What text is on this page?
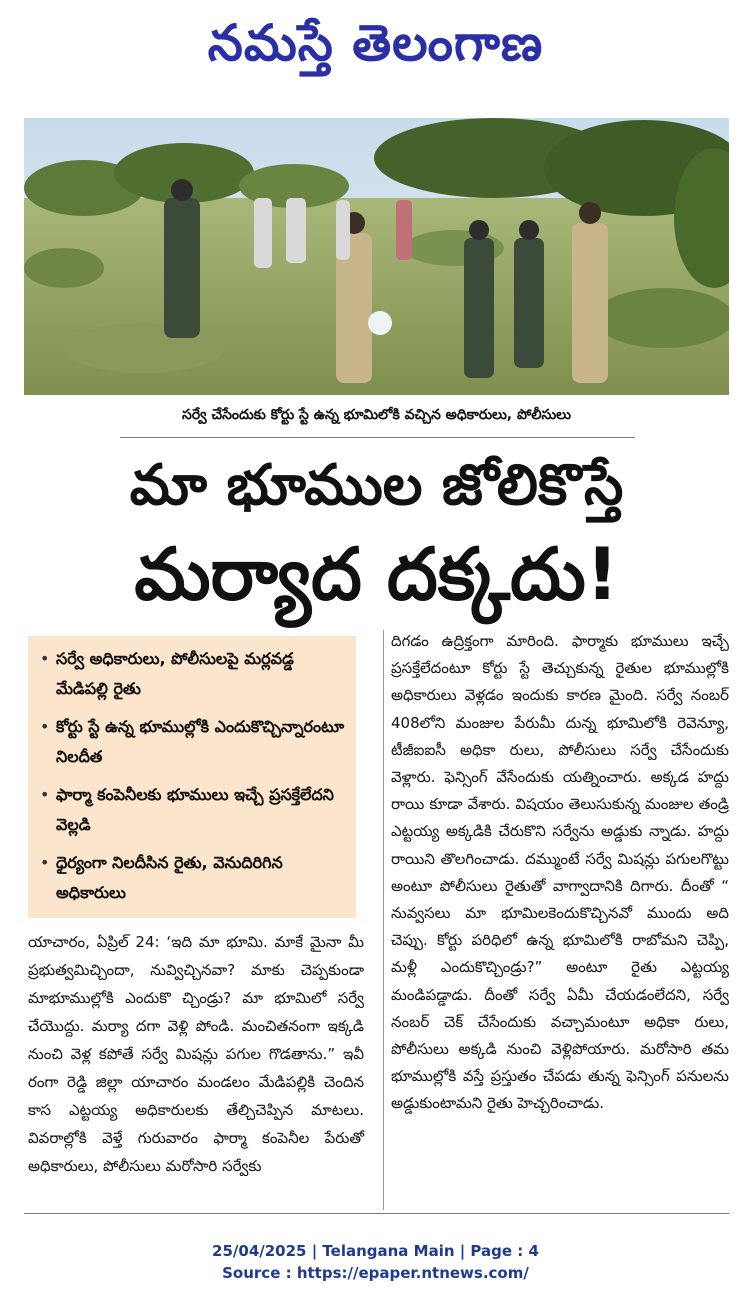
నమస్తే తెలంగాణ
సర్వే చేసేందుకు కోర్టు స్టే ఉన్న భూమిలోకి వచ్చిన అధికారులు, పోలీసులు
మా భూముల జోలికొస్తే
మర్యాద దక్కదు!
• సర్వే అధికారులు, పోలీసులపై మర్లవడ్డ మేడిపల్లి రైతు
• కోర్టు స్టే ఉన్న భూముల్లోకి ఎందుకొచ్చిన్నారంటూ నిలదీత
• ఫార్మా కంపెనీలకు భూములు ఇచ్చే ప్రసక్తేలేదని వెల్లడి
• ధైర్యంగా నిలదీసిన రైతు, వెనుదిరిగిన అధికారులు
యాచారం, ఏప్రిల్ 24: ‘ఇది మా భూమి. మాకే మైనా మీ ప్రభుత్వమిచ్చిందా, నువ్విచ్చినవా? మాకు చెప్పకుండా మాభూముల్లోకి ఎందుకొ చ్చిండ్రు? మా భూమిలో సర్వే చేయొద్దు. మర్యా దగా వెళ్లి పోండి. మంచితనంగా ఇక్కడి నుంచి వెళ్ల కపోతే సర్వే మిషన్లు పగుల గొడతాను.” ఇవీ రంగా రెడ్డి జిల్లా యాచారం మండలం మేడిపల్లికి చెందిన కాస ఎట్టయ్య అధికారులకు తేల్చిచెప్పిన మాటలు. వివరాల్లోకి వెళ్తే గురువారం ఫార్మా కంపెనీల పేరుతో అధికారులు, పోలీసులు మరోసారి సర్వేకు
దిగడం ఉద్రిక్తంగా మారింది. ఫార్మాకు భూములు ఇచ్చే ప్రసక్తేలేదంటూ కోర్టు స్టే తెచ్చుకున్న రైతుల భూముల్లోకి అధికారులు వెళ్లడం ఇందుకు కారణ మైంది. సర్వే నంబర్ 408లోని మంజుల పేరుమీ దున్న భూమిలోకి రెవెన్యూ, టీజీఐఐసీ అధికా రులు, పోలీసులు సర్వే చేసేందుకు వెళ్లారు. ఫెన్సింగ్ వేసేందుకు యత్నించారు. అక్కడ హద్దు రాయి కూడా వేశారు. విషయం తెలుసుకున్న మంజుల తండ్రి ఎట్టయ్య అక్కడికి చేరుకొని సర్వేను అడ్డుకు న్నాడు. హద్దు రాయిని తొలగించాడు. దమ్ముంటే సర్వే మిషన్లు పగులగొట్టు అంటూ పోలీసులు రైతుతో వాగ్వాదానికి దిగారు. దీంతో “ నువ్వసలు మా భూమిలకెందుకొచ్చినవో ముందు అది చెప్పు. కోర్టు పరిధిలో ఉన్న భూమిలోకి రాబోమని చెప్పి, మళ్లీ ఎందుకొచ్చిండ్రు?” అంటూ రైతు ఎట్టయ్య మండిపడ్డాడు. దీంతో సర్వే ఏమీ చేయడంలేదని, సర్వే నంబర్ చెక్ చేసేందుకు వచ్చామంటూ అధికా రులు, పోలీసులు అక్కడి నుంచి వెళ్లిపోయారు. మరోసారి తమ భూముల్లోకి వస్తే ప్రస్తుతం చేపడు తున్న ఫెన్సింగ్ పనులను అడ్డుకుంటామని రైతు హెచ్చరించాడు.
25/04/2025 | Telangana Main | Page : 4
Source : https://epaper.ntnews.com/
